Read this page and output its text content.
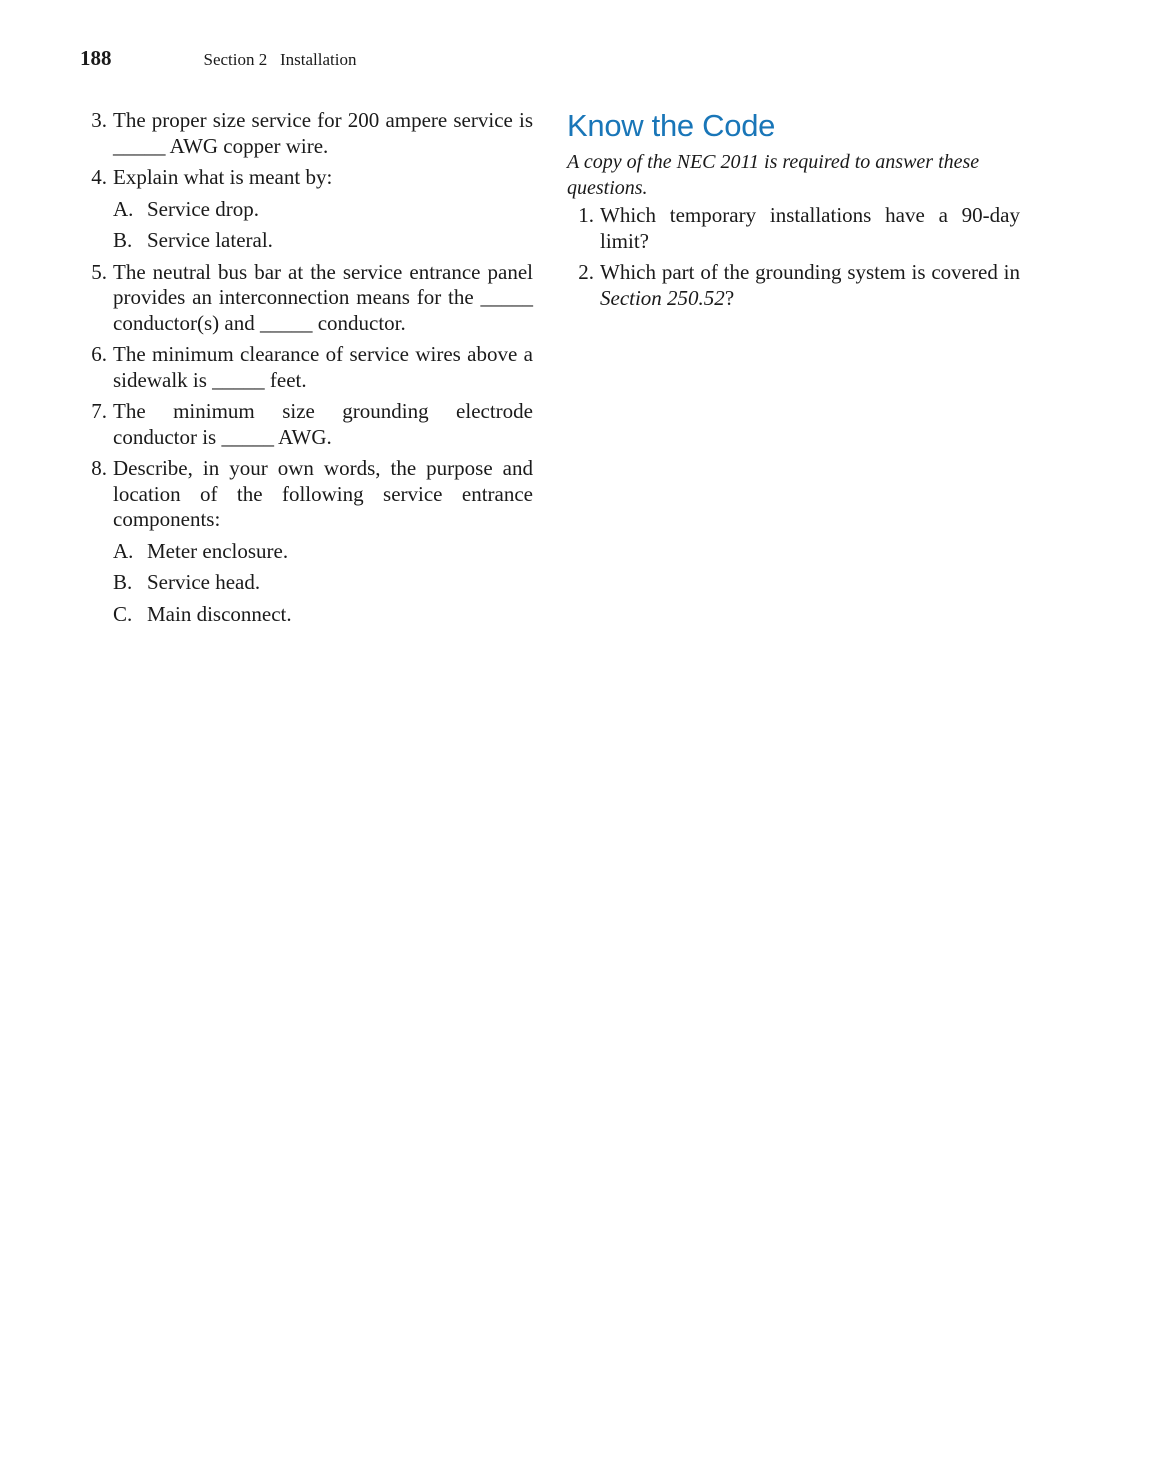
188	Section 2   Installation
3. The proper size service for 200 ampere service is _____ AWG copper wire.
4. Explain what is meant by:
A. Service drop.
B. Service lateral.
5. The neutral bus bar at the service entrance panel provides an interconnection means for the _____ conductor(s) and _____ conductor.
6. The minimum clearance of service wires above a sidewalk is _____ feet.
7. The minimum size grounding electrode conductor is _____ AWG.
8. Describe, in your own words, the purpose and location of the following service entrance components:
A. Meter enclosure.
B. Service head.
C. Main disconnect.
Know the Code
A copy of the NEC 2011 is required to answer these questions.
1. Which temporary installations have a 90-day limit?
2. Which part of the grounding system is covered in Section 250.52?
